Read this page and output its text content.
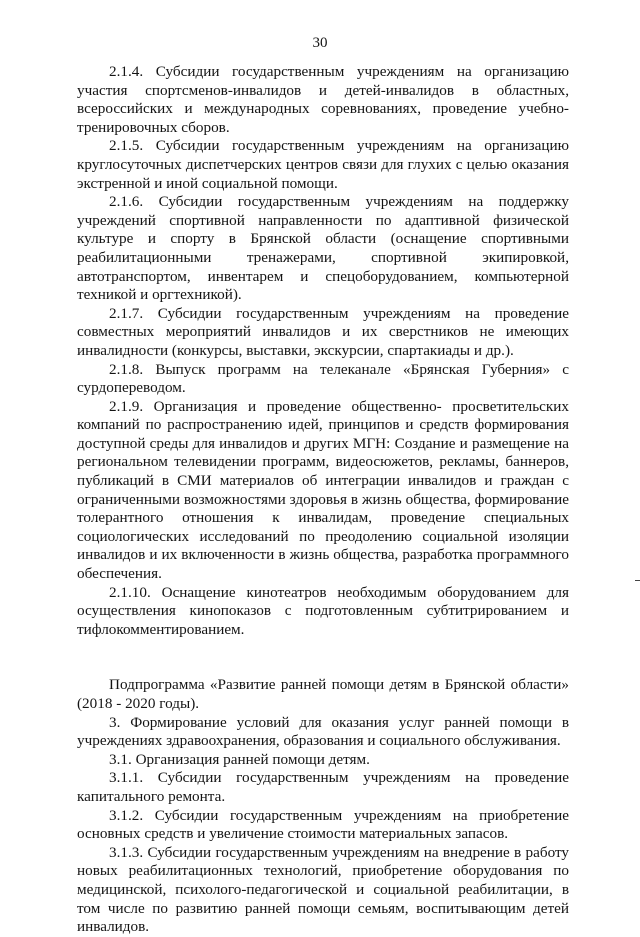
30

2.1.4. Субсидии государственным учреждениям на организацию участия спортсменов-инвалидов и детей-инвалидов в областных, всероссийских и международных соревнованиях, проведение учебно-тренировочных сборов.

2.1.5. Субсидии государственным учреждениям на организацию круглосуточных диспетчерских центров связи для глухих с целью оказания экстренной и иной социальной помощи.

2.1.6. Субсидии государственным учреждениям на поддержку учреждений спортивной направленности по адаптивной физической культуре и спорту в Брянской области (оснащение спортивными реабилитационными тренажерами, спортивной экипировкой, автотранспортом, инвентарем и спецоборудованием, компьютерной техникой и оргтехникой).

2.1.7. Субсидии государственным учреждениям на проведение совместных мероприятий инвалидов и их сверстников не имеющих инвалидности (конкурсы, выставки, экскурсии, спартакиады и др.).

2.1.8. Выпуск программ на телеканале «Брянская Губерния» с сурдопереводом.

2.1.9. Организация и проведение общественно- просветительских компаний по распространению идей, принципов и средств формирования доступной среды для инвалидов и других МГН: Создание и размещение на региональном телевидении программ, видеосюжетов, рекламы, баннеров, публикаций в СМИ материалов об интеграции инвалидов и граждан с ограниченными возможностями здоровья в жизнь общества, формирование толерантного отношения к инвалидам, проведение специальных социологических исследований по преодолению социальной изоляции инвалидов и их включенности в жизнь общества, разработка программного обеспечения.

2.1.10. Оснащение кинотеатров необходимым оборудованием для осуществления кинопоказов с подготовленным субтитрированием и тифлокомментированием.

Подпрограмма «Развитие ранней помощи детям в Брянской области» (2018 - 2020 годы).

3. Формирование условий для оказания услуг ранней помощи в учреждениях здравоохранения, образования и социального обслуживания.

3.1. Организация ранней помощи детям.

3.1.1. Субсидии государственным учреждениям на проведение капитального ремонта.

3.1.2. Субсидии государственным учреждениям на приобретение основных средств и увеличение стоимости материальных запасов.

3.1.3. Субсидии государственным учреждениям на внедрение в работу новых реабилитационных технологий, приобретение оборудования по медицинской, психолого-педагогической и социальной реабилитации, в том числе по развитию ранней помощи семьям, воспитывающим детей инвалидов.
